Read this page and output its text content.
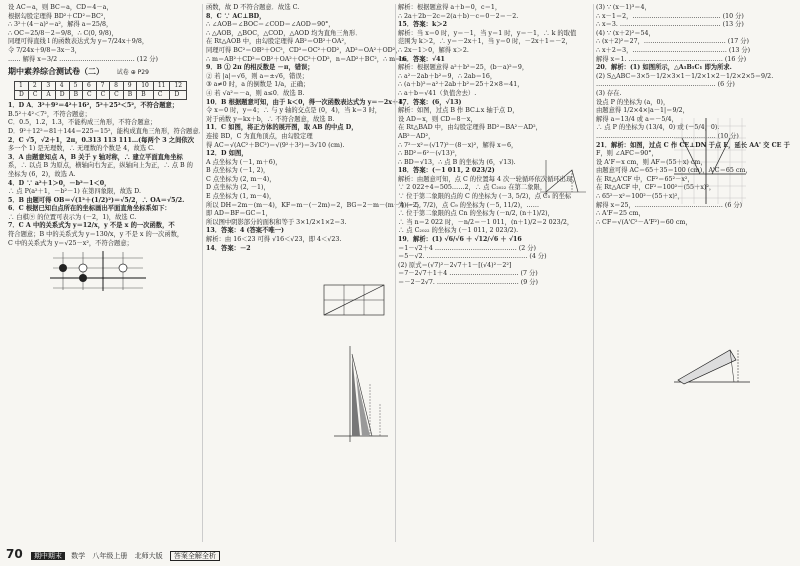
设 AC＝a，则 BC＝a，CD＝4－a，
根据勾股定理得 BD²＋CD²＝BC²，
∴ 3²＋(4－a)²＝a²，解得 a＝25/8，
∴ OC＝25/8－2＝9/8，∴ C(0, 9/8)，
同理可得直线 l 的函数表达式为 y＝7/24x＋9/8，
令 7/24x＋9/8＝3x－3，
…… 解得 x＝3/2 ……………………………… (12 分)
期中素养综合测试卷（二） 试卷 ⊕ P29
1	2	3	4	5	6	7	8	9	10	11	12
D	C	A	D	B	C	C	C	B	B	C	D
1．D A．3²＋9²＝4²＋16²，5²＋25²＜5²，不符合题意；
B.5²＋4²＜7²，不符合题意；
C．0.5，1.2，1.3，不能构成三角形，不符合题意；
D．9²＋12²＝81＋144＝225＝15²，能构成直角三角形，符合题意．
2．C √5，√2＋1，2π，0.313 113 111…(每两个 3 之间依次
多一个 1) 是无理数，∴ 无理数的个数是 4，故选 C.
3．A 由题意知点 A，B 关于 y 轴对称，∴ 建立平面直角坐标
系，∴ 以点 B 为原点，横轴向右为正，纵轴向上为正，∴ 点 B 的
坐标为 (6，2)，故选 A.
4．D ∵ a²＋1＞0，－b²－1＜0，
∴ 点 P(a²＋1，－b²－1) 在第四象限，故选 D.
5．B 由题可得 OB＝√(1²＋(1/2)²)＝√5/2，∴ OA＝√5/2.
6．C 根据已知白点所在的坐标画出平面直角坐标系如下：
∴ 白棋⑨ 的位置可表示为 (－2，1)，故选 C.
7．C A 中的关系式为 y＝12/x，y 不是 x 的一次函数，不
符合题意；B 中的关系式为 y＝130/x，y 不是 x 的一次函数，
C 中的关系式为 y＝√25－x²，不符合题意；
函数，故 D 不符合题意．故选 C.
8．C ∵ AC⊥BD，
∴ ∠AOB＝∠BOC＝∠COD＝∠AOD＝90°，
∴ △AOB，△BOC，△COD，△AOD 均为直角三角形．
在 Rt△AOB 中，由勾股定理得 AB²＝OB²＋OA²，
同理可得 BC²＝OB²＋OC²，CD²＝OC²＋OD²，AD²＝OA²＋OD²，
∴ m＝AB²＋CD²＝OB²＋OA²＋OC²＋OD²，n＝AD²＋BC²，∴ m＝n．
9．B ① 2π 的相反数是 －π，错误；
② 若 |a|＝√6，则 a＝±√6，错误；
③ a≠0 时，a 的倒数是 1/a，正确；
④ 若 √a²＝－a，则 a≤0．故选 B.
10．B 根据题意可知，由于 k＜0，得一次函数表达式为 y＝－2x＋4，
令 x＝0 时，y＝4；∴ 与 y 轴的交点是 (0，4)，当 k＝3 时，
对于函数 y＝kx＋b，∴ 不符合题意，故选 B.
11．C 如图，将正方体的展开图，取 AB 的中点 D，
连接 BD，C 为直角顶点，由勾股定理
得 AC＝√(AC²＋BC²)＝√(9²＋3²)＝3√10 (cm).
12．D 如图，
A 点坐标为 (－1, m＋6)，
B 点坐标为 (－1, 2)，
C 点坐标为 (2, m－4)，
D 点坐标为 (2, －1)，
E 点坐标为 (1, m－4)，
所以 DH＝2m－(m－4)，KF＝m－(－2m)＝2，BG＝2－m－(m－4)＝2，
即 AD＝BF＝GC＝1，
所以图中阴影部分的面积和等于 3×1/2×1×2＝3.
13．答案：4 (答案不唯一)
解析：由 16＜23 可得 √16＜√23，即 4＜√23.
14．答案：－2
解析：根据题意得 a＋b＝0，c＝1，
∴ 2a＋2b－2c＝2(a＋b)－c＝0－2＝－2.
15．答案：k＞2
解析：当 x＝0 时，y＝－1，当 y＝1 时，y＝－1，∴ k 的取值
范围为 k＞2，∴ y＝－2x＋1，当 y＝0 时，－2x＋1＝－2，
∴ 2x－1＞0，解得 x＞2.
16．答案：√41
解析：根据题意得 a²＋b²＝25，(b－a)²＝9，
∴ a²－2ab＋b²＝9，∴ 2ab＝16，
∴ (a＋b)²＝a²＋2ab＋b²＝25＋2×8＝41，
∴ a＋b＝√41（负值舍去）.
17．答案：(6，√13)
解析：如图，过点 B 作 BC⊥x 轴于点 D，
设 AD＝x，则 CD＝8－x，
在 Rt△BAD 中，由勾股定理得 BD²＝BA²－AD²，
AB²－AD²，
∴ 7²－x²＝(√17)²－(8－x)²，解得 x＝6，
∴ BD²＝6²－(√13)²，
∴ BD＝√13，∴ 点 B 的坐标为 (6，√13).
18．答案：(－1 011, 2 023/2)
解析：由题意可知，点 C 的位置每 4 次一轮循环依次循环出现，
∵ 2 022÷4＝505……2，∴ 点 C₂₀₂₂ 在第二象限，
∵ 位于第二象限的点的 C 的坐标为 (－3, 5/2)，点 C₅ 的坐标
为 (－5, 7/2)，点 C₉ 的坐标为 (－5, 11/2)，……
∴ 位于第二象限的点 Cn 的坐标为 (－n/2, (n＋1)/2)，
∴ 当 n＝2 022 时，－n/2＝－1 011，(n＋1)/2＝2 023/2，
∴ 点 C₂₀₂₂ 的坐标为 (－1 011, 2 023/2).
19．解析：(1) √6/√6 ＋ √12/√6 ＋ √16
＝1－√2＋4 ………………………………… (2 分)
＝5－√2. ………………………………………… (4 分)
(2) 原式＝(√7)²－2√7＋1－[(√4)²－2²]
＝7－2√7＋1＋4 …………………………… (7 分)
＝－2－2√7. ………………………………… (9 分)
(3) ∵ (x－1)³＝4，
∴ x－1＝2，…………………………………… (10 分)
∴ x＝3. ………………………………………… (13 分)
(4) ∵ (x＋2)²＝54，
∴ (x＋2)²＝27，………………………………… (17 分)
∴ x＋2＝3，……………………………………… (13 分)
解得 x＝1. ……………………………………… (16 分)
20．解析：(1) 如图所示，△A₁B₁C₁ 即为所求.
(2) S△ABC＝3×5－1/2×3×1－1/2×1×2－1/2×2×5＝9/2.
………………………………………………… (6 分)
(3) 存在.
设点 P 的坐标为 (a，0)，
由题意得 1/2×4×|a－1|＝9/2，
解得 a＝13/4 或 a＝－5/4，
∴ 点 P 的坐标为 (13/4，0) 或 (－5/4，0).
………………………………………………… (10 分)
21．解析：如图，过点 C 作 CE⊥DN 于点 E，延长 AA' 交 CE 于
F，则 ∠AFC＝90°，
设 A'F＝x cm，则 AF＝(55＋x) cm，
由题意可得 AC＝65＋35＝100 (cm)，A'C＝65 cm，
在 Rt△A'CF 中，CF²＝65²－x²，
在 Rt△ACF 中，CF²＝100²－(55＋x)²，
∴ 65²－x²＝100²－(55＋x)²，
解得 x＝25，…………………………………… (6 分)
∴ A'F＝25 cm，
∴ CF＝√(A'C²－A'F²)＝60 cm，
70 期中期末 数学 八年级上册 北师大版 答案全解全析
